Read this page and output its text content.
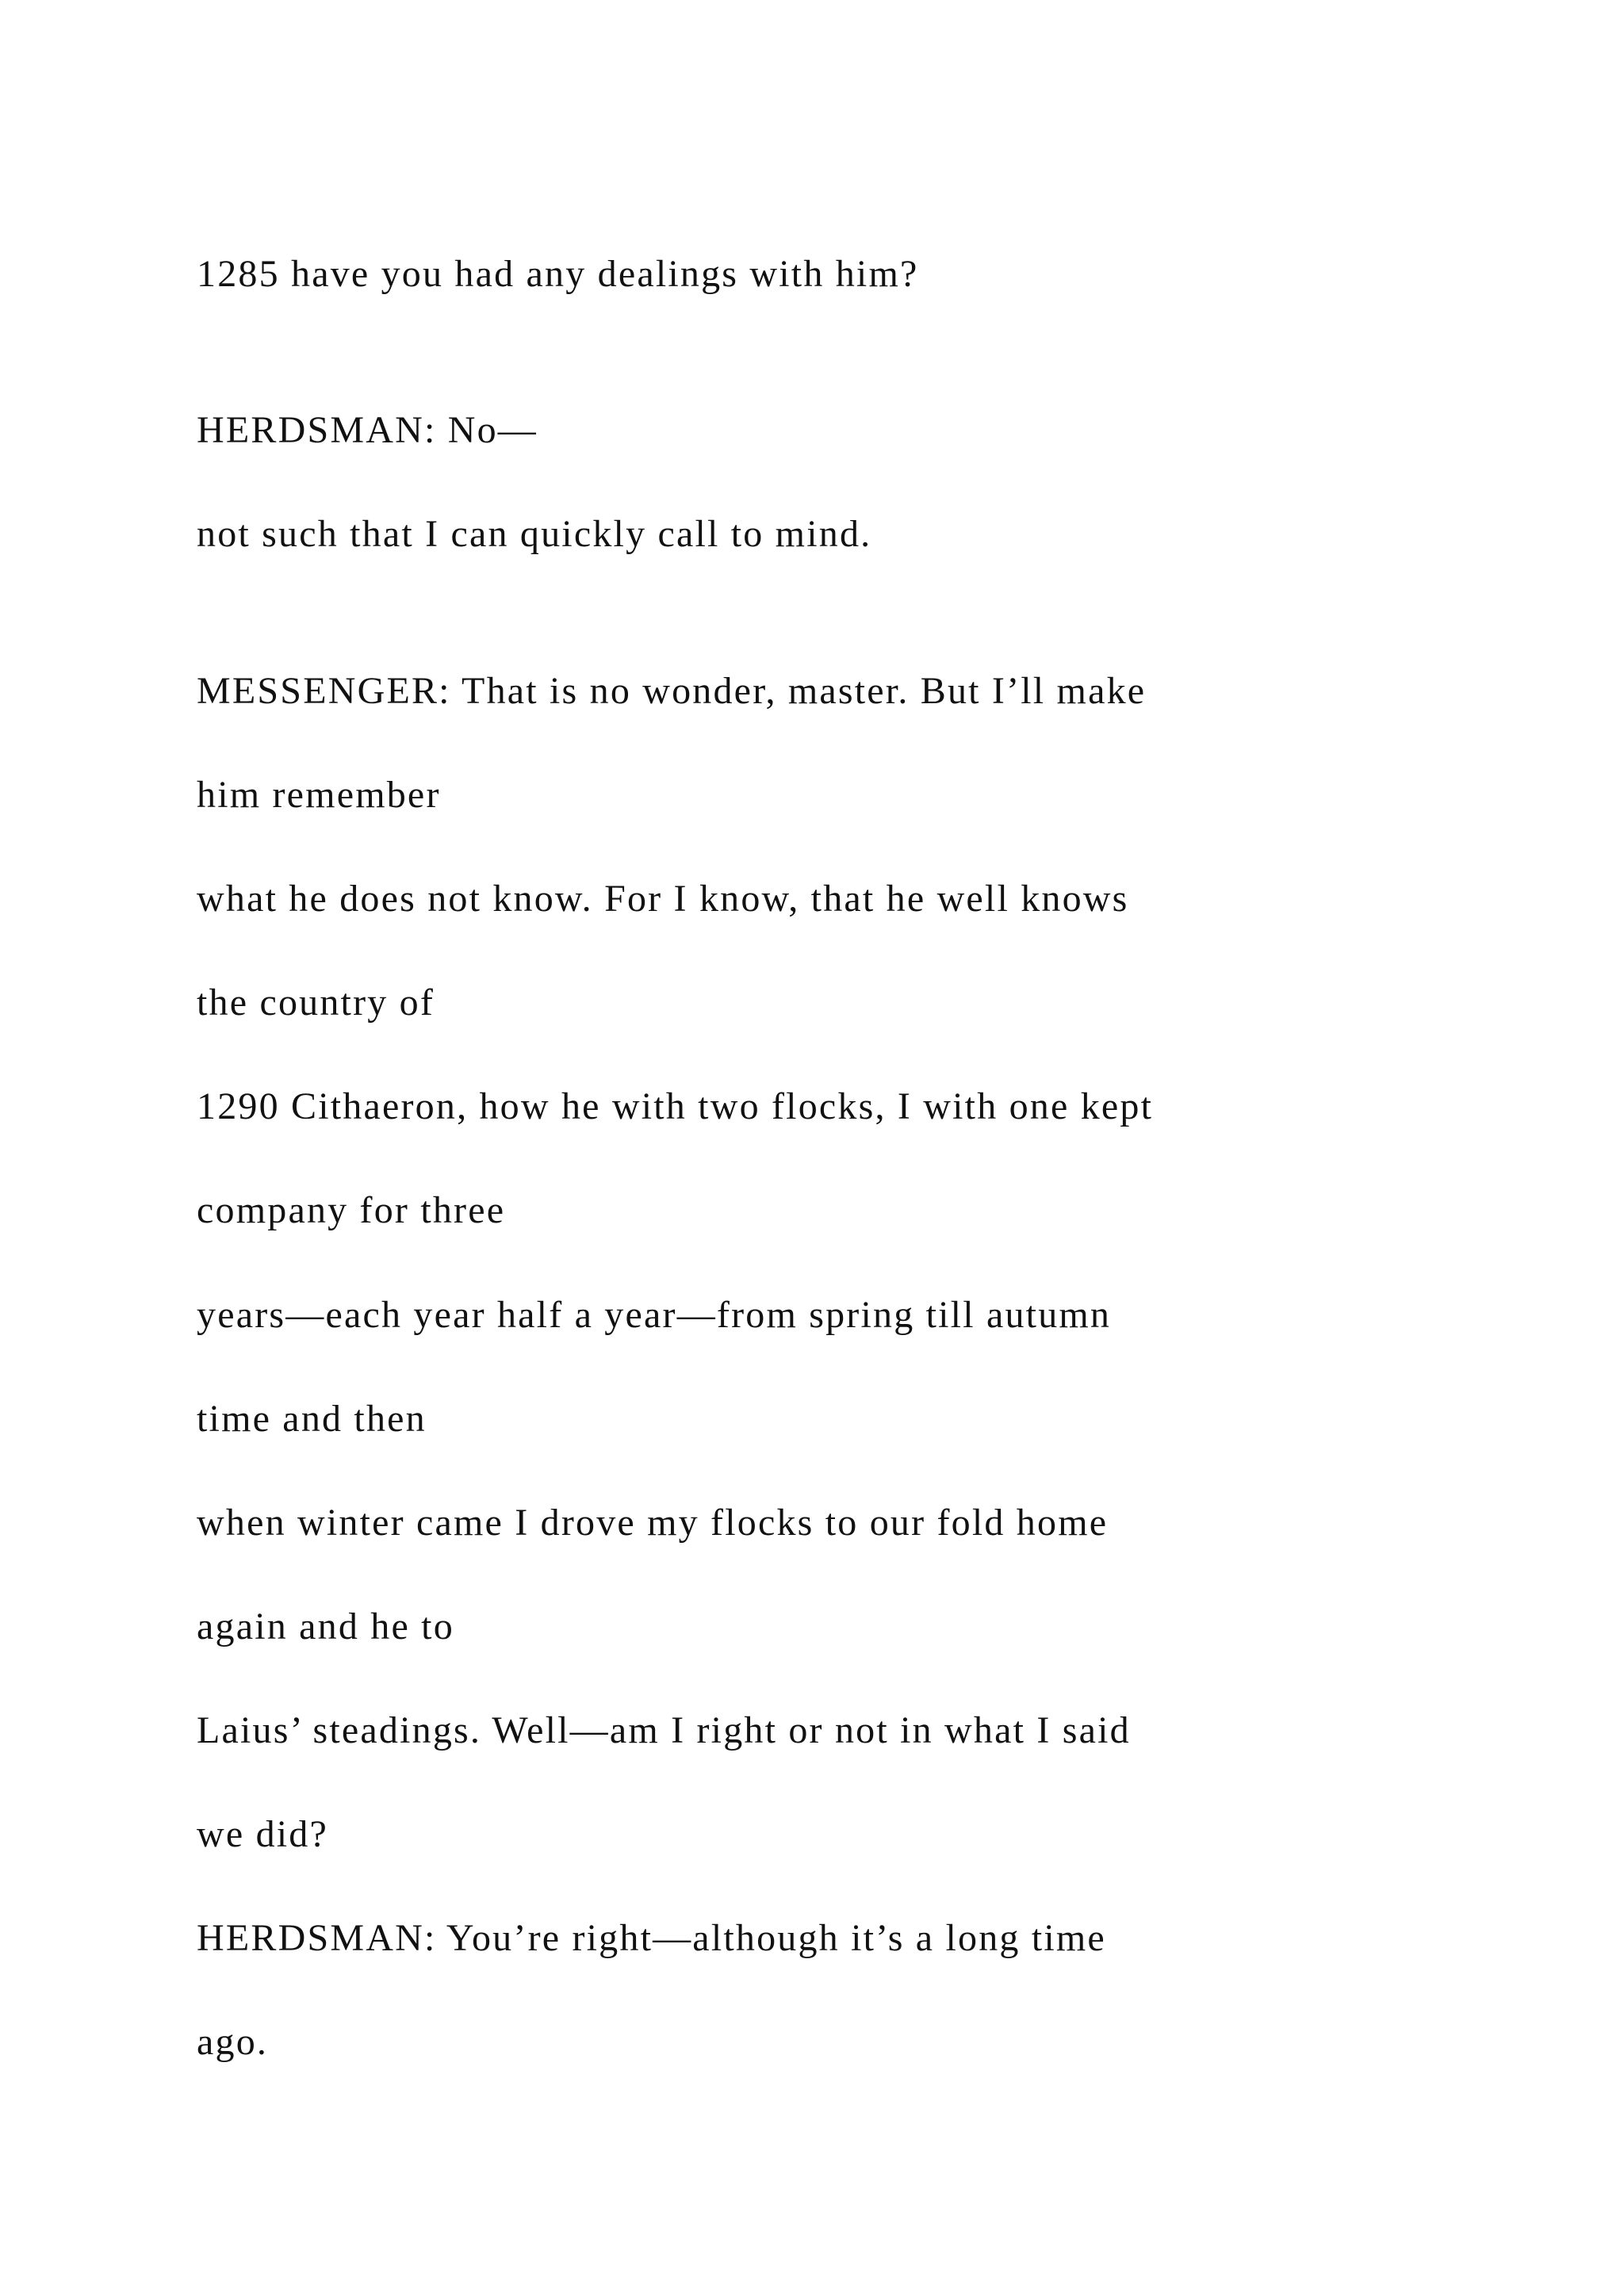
1285 have you had any dealings with him?

HERDSMAN: No—

not such that I can quickly call to mind.

MESSENGER: That is no wonder, master. But I’ll make

him remember

what he does not know. For I know, that he well knows

the country of

1290 Cithaeron, how he with two flocks, I with one kept

company for three

years—each year half a year—from spring till autumn

time and then

when winter came I drove my flocks to our fold home

again and he to

Laius’ steadings. Well—am I right or not in what I said

we did?

HERDSMAN: You’re right—although it’s a long time

ago.
